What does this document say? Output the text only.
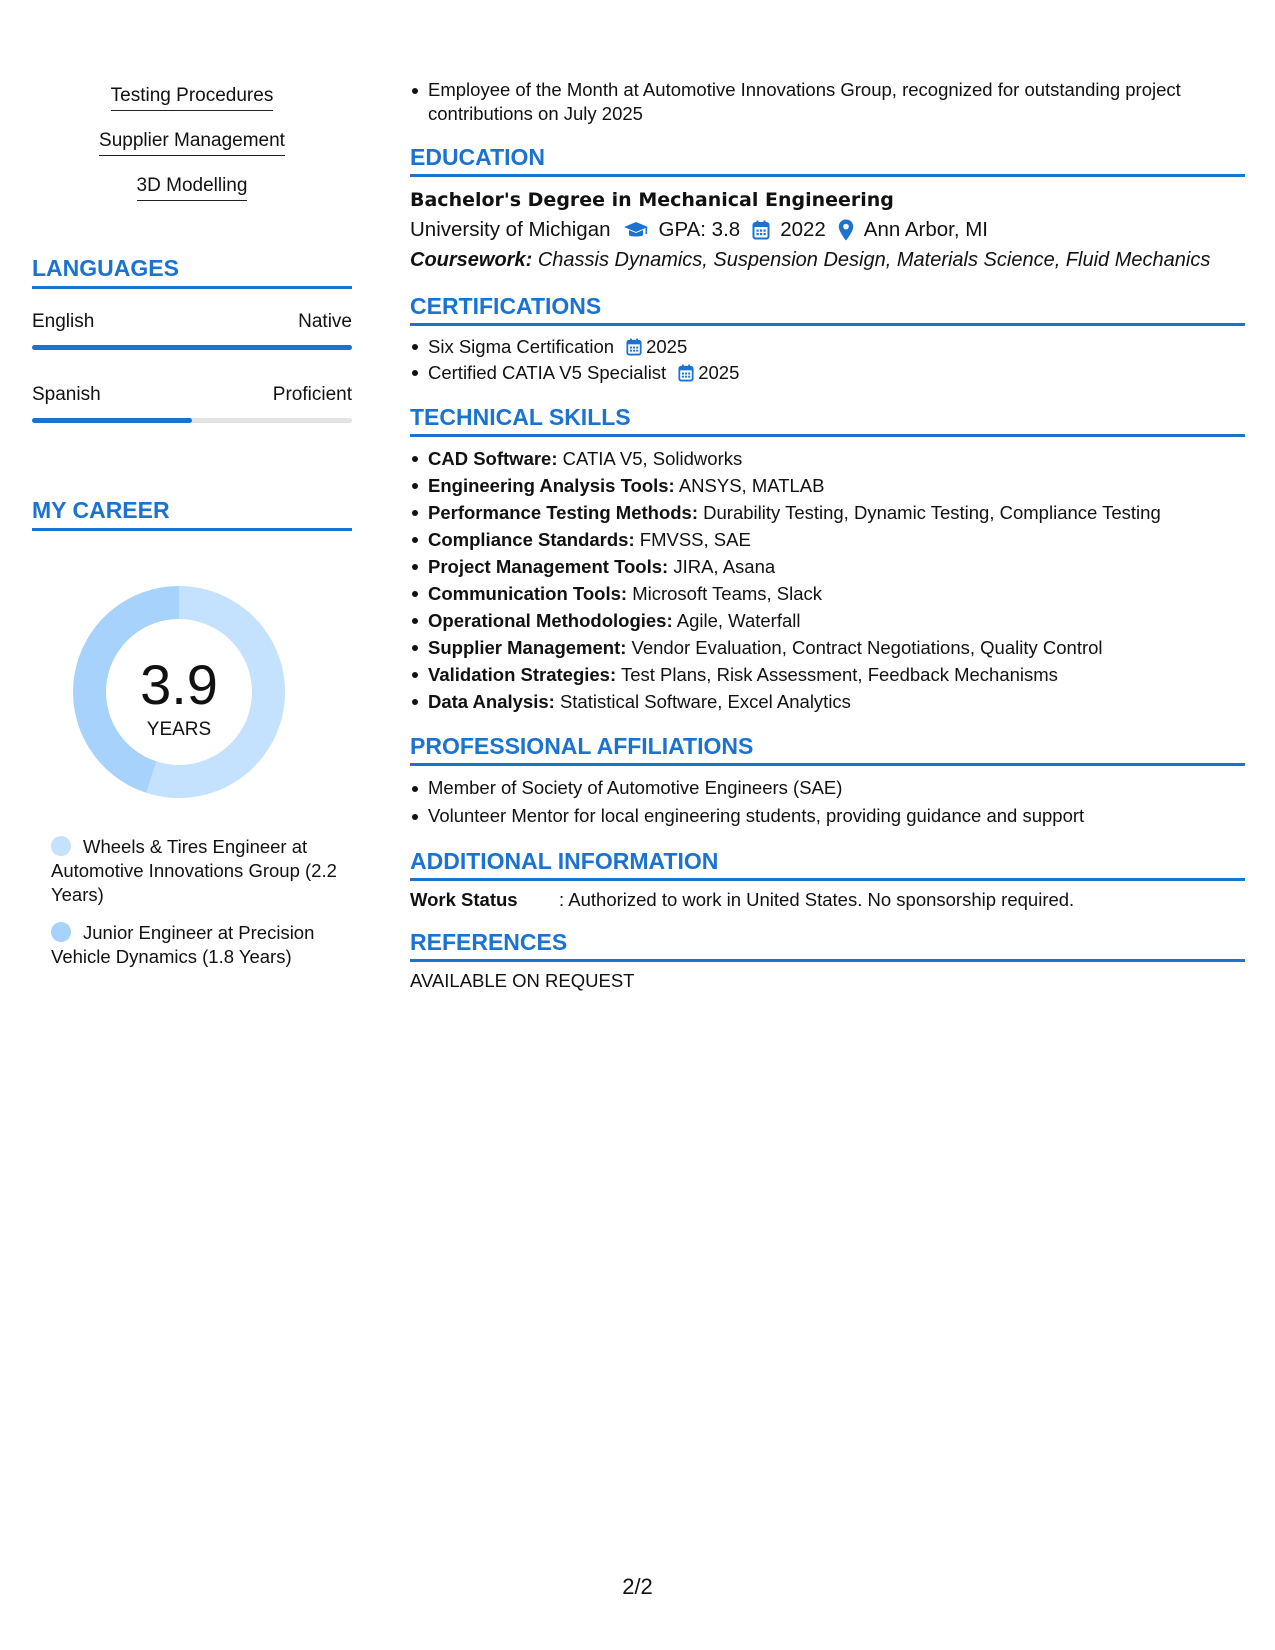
Testing Procedures
Supplier Management
3D Modelling
LANGUAGES
English	Native
Spanish	Proficient
MY CAREER
3.9
YEARS
Wheels & Tires Engineer at Automotive Innovations Group (2.2 Years)
Junior Engineer at Precision Vehicle Dynamics (1.8 Years)
Employee of the Month at Automotive Innovations Group, recognized for outstanding project contributions on July 2025
EDUCATION
Bachelor's Degree in Mechanical Engineering
University of Michigan GPA: 3.8 2022 Ann Arbor, MI
Coursework: Chassis Dynamics, Suspension Design, Materials Science, Fluid Mechanics
CERTIFICATIONS
Six Sigma Certification 2025
Certified CATIA V5 Specialist 2025
TECHNICAL SKILLS
CAD Software: CATIA V5, Solidworks
Engineering Analysis Tools: ANSYS, MATLAB
Performance Testing Methods: Durability Testing, Dynamic Testing, Compliance Testing
Compliance Standards: FMVSS, SAE
Project Management Tools: JIRA, Asana
Communication Tools: Microsoft Teams, Slack
Operational Methodologies: Agile, Waterfall
Supplier Management: Vendor Evaluation, Contract Negotiations, Quality Control
Validation Strategies: Test Plans, Risk Assessment, Feedback Mechanisms
Data Analysis: Statistical Software, Excel Analytics
PROFESSIONAL AFFILIATIONS
Member of Society of Automotive Engineers (SAE)
Volunteer Mentor for local engineering students, providing guidance and support
ADDITIONAL INFORMATION
Work Status	: Authorized to work in United States. No sponsorship required.
REFERENCES
AVAILABLE ON REQUEST
2/2
